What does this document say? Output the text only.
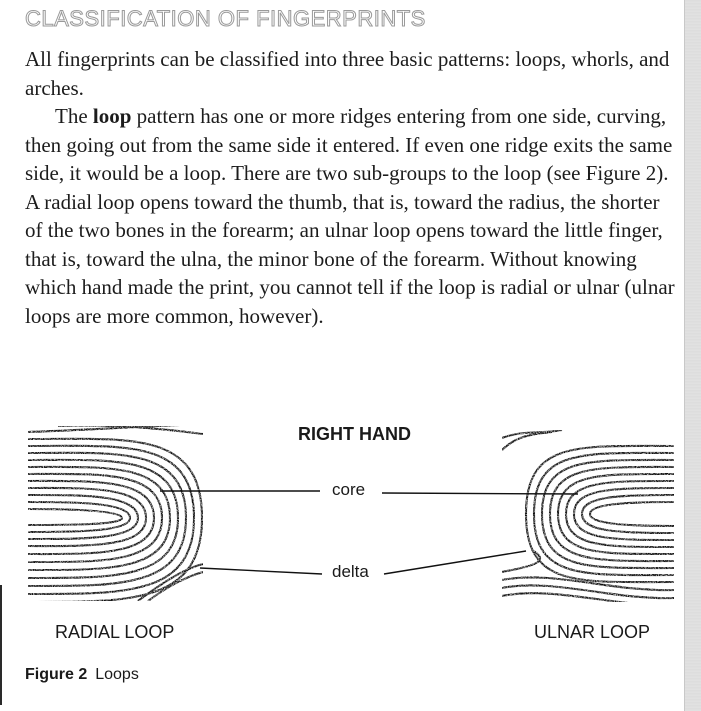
CLASSIFICATION OF FINGERPRINTS

All fingerprints can be classified into three basic patterns: loops, whorls, and arches.

The loop pattern has one or more ridges entering from one side, curving, then going out from the same side it entered. If even one ridge exits the same side, it would be a loop. There are two sub-groups to the loop (see Figure 2). A radial loop opens toward the thumb, that is, toward the radius, the shorter of the two bones in the forearm; an ulnar loop opens toward the little finger, that is, toward the ulna, the minor bone of the forearm. Without knowing which hand made the print, you cannot tell if the loop is radial or ulnar (ulnar loops are more common, however).

RIGHT HAND
core
delta
RADIAL LOOP	ULNAR LOOP
Figure 2 Loops
